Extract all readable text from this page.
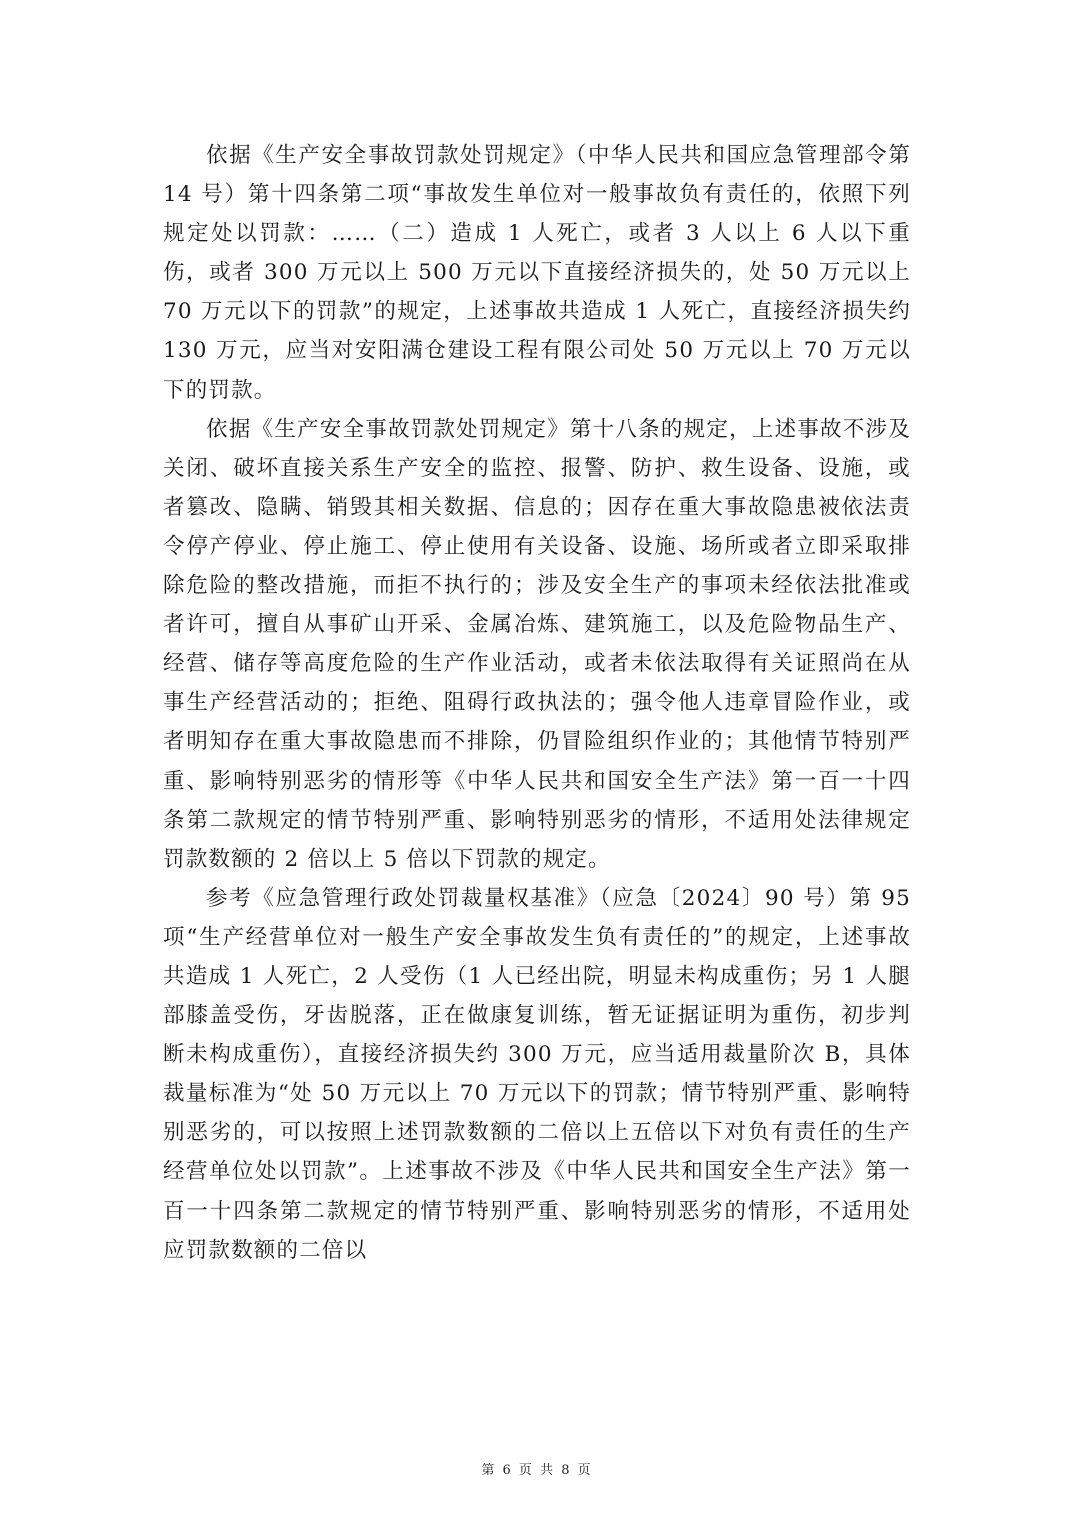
依据《生产安全事故罚款处罚规定》（中华人民共和国应急管理部令第 14 号）第十四条第二项“事故发生单位对一般事故负有责任的，依照下列规定处以罚款：……（二）造成 1 人死亡，或者 3 人以上 6 人以下重伤，或者 300 万元以上 500 万元以下直接经济损失的，处 50 万元以上 70 万元以下的罚款”的规定，上述事故共造成 1 人死亡，直接经济损失约 130 万元，应当对安阳满仓建设工程有限公司处 50 万元以上 70 万元以下的罚款。

依据《生产安全事故罚款处罚规定》第十八条的规定，上述事故不涉及关闭、破坏直接关系生产安全的监控、报警、防护、救生设备、设施，或者篡改、隐瞒、销毁其相关数据、信息的；因存在重大事故隐患被依法责令停产停业、停止施工、停止使用有关设备、设施、场所或者立即采取排除危险的整改措施，而拒不执行的；涉及安全生产的事项未经依法批准或者许可，擅自从事矿山开采、金属冶炼、建筑施工，以及危险物品生产、经营、储存等高度危险的生产作业活动，或者未依法取得有关证照尚在从事生产经营活动的；拒绝、阻碍行政执法的；强令他人违章冒险作业，或者明知存在重大事故隐患而不排除，仍冒险组织作业的；其他情节特别严重、影响特别恶劣的情形等《中华人民共和国安全生产法》第一百一十四条第二款规定的情节特别严重、影响特别恶劣的情形，不适用处法律规定罚款数额的 2 倍以上 5 倍以下罚款的规定。

参考《应急管理行政处罚裁量权基准》（应急〔2024〕90 号）第 95 项“生产经营单位对一般生产安全事故发生负有责任的”的规定，上述事故共造成 1 人死亡，2 人受伤（1 人已经出院，明显未构成重伤；另 1 人腿部膝盖受伤，牙齿脱落，正在做康复训练，暂无证据证明为重伤，初步判断未构成重伤），直接经济损失约 300 万元，应当适用裁量阶次 B，具体裁量标准为“处 50 万元以上 70 万元以下的罚款；情节特别严重、影响特别恶劣的，可以按照上述罚款数额的二倍以上五倍以下对负有责任的生产经营单位处以罚款”。上述事故不涉及《中华人民共和国安全生产法》第一百一十四条第二款规定的情节特别严重、影响特别恶劣的情形，不适用处应罚款数额的二倍以

第 6 页 共 8 页
